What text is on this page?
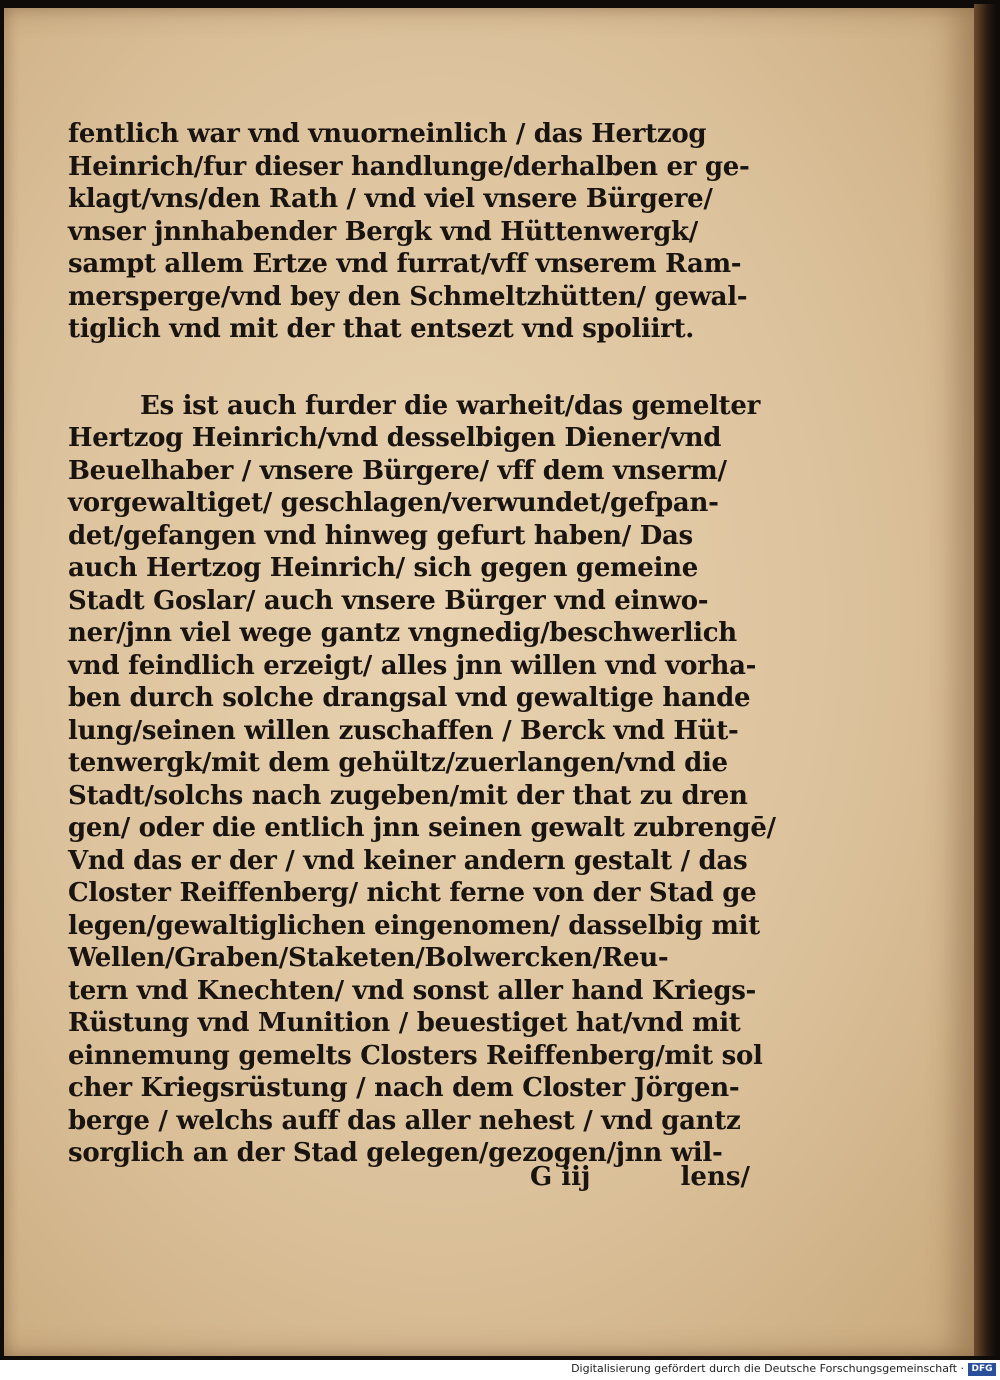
fentlich war vnd vnuorneinlich / das Hertzog
Heinrich/fur dieser handlunge/derhalben er ge-
klagt/vns/den Rath / vnd viel vnsere Bürgere/
vnser jnnhabender Bergk vnd Hüttenwergk/
sampt allem Ertze vnd furrat/vff vnserem Ram-
mersperge/vnd bey den Schmeltzhütten/ gewal-
tiglich vnd mit der that entsezt vnd spoliirt.
Es ist auch furder die warheit/das gemelter
Hertzog Heinrich/vnd desselbigen Diener/vnd
Beuelhaber / vnsere Bürgere/ vff dem vnserm/
vorgewaltiget/ geschlagen/verwundet/gefpan-
det/gefangen vnd hinweg gefurt haben/ Das
auch Hertzog Heinrich/ sich gegen gemeine
Stadt Goslar/ auch vnsere Bürger vnd einwo-
ner/jnn viel wege gantz vngnedig/beschwerlich
vnd feindlich erzeigt/ alles jnn willen vnd vorha-
ben durch solche drangsal vnd gewaltige hande
lung/seinen willen zuschaffen / Berck vnd Hüt-
tenwergk/mit dem gehültz/zuerlangen/vnd die
Stadt/solchs nach zugeben/mit der that zu dren
gen/ oder die entlich jnn seinen gewalt zubrengē/
Vnd das er der / vnd keiner andern gestalt / das
Closter Reiffenberg/ nicht ferne von der Stad ge
legen/gewaltiglichen eingenomen/ dasselbig mit
Wellen/Graben/Staketen/Bolwercken/Reu-
tern vnd Knechten/ vnd sonst aller hand Kriegs-
Rüstung vnd Munition / beuestiget hat/vnd mit
einnemung gemelts Closters Reiffenberg/mit sol
cher Kriegsrüstung / nach dem Closter Jörgen-
berge / welchs auff das aller nehest / vnd gantz
sorglich an der Stad gelegen/gezogen/jnn wil-
G iij	lens/
Digitalisierung gefördert durch die Deutsche Forschungsgemeinschaft · DFG
